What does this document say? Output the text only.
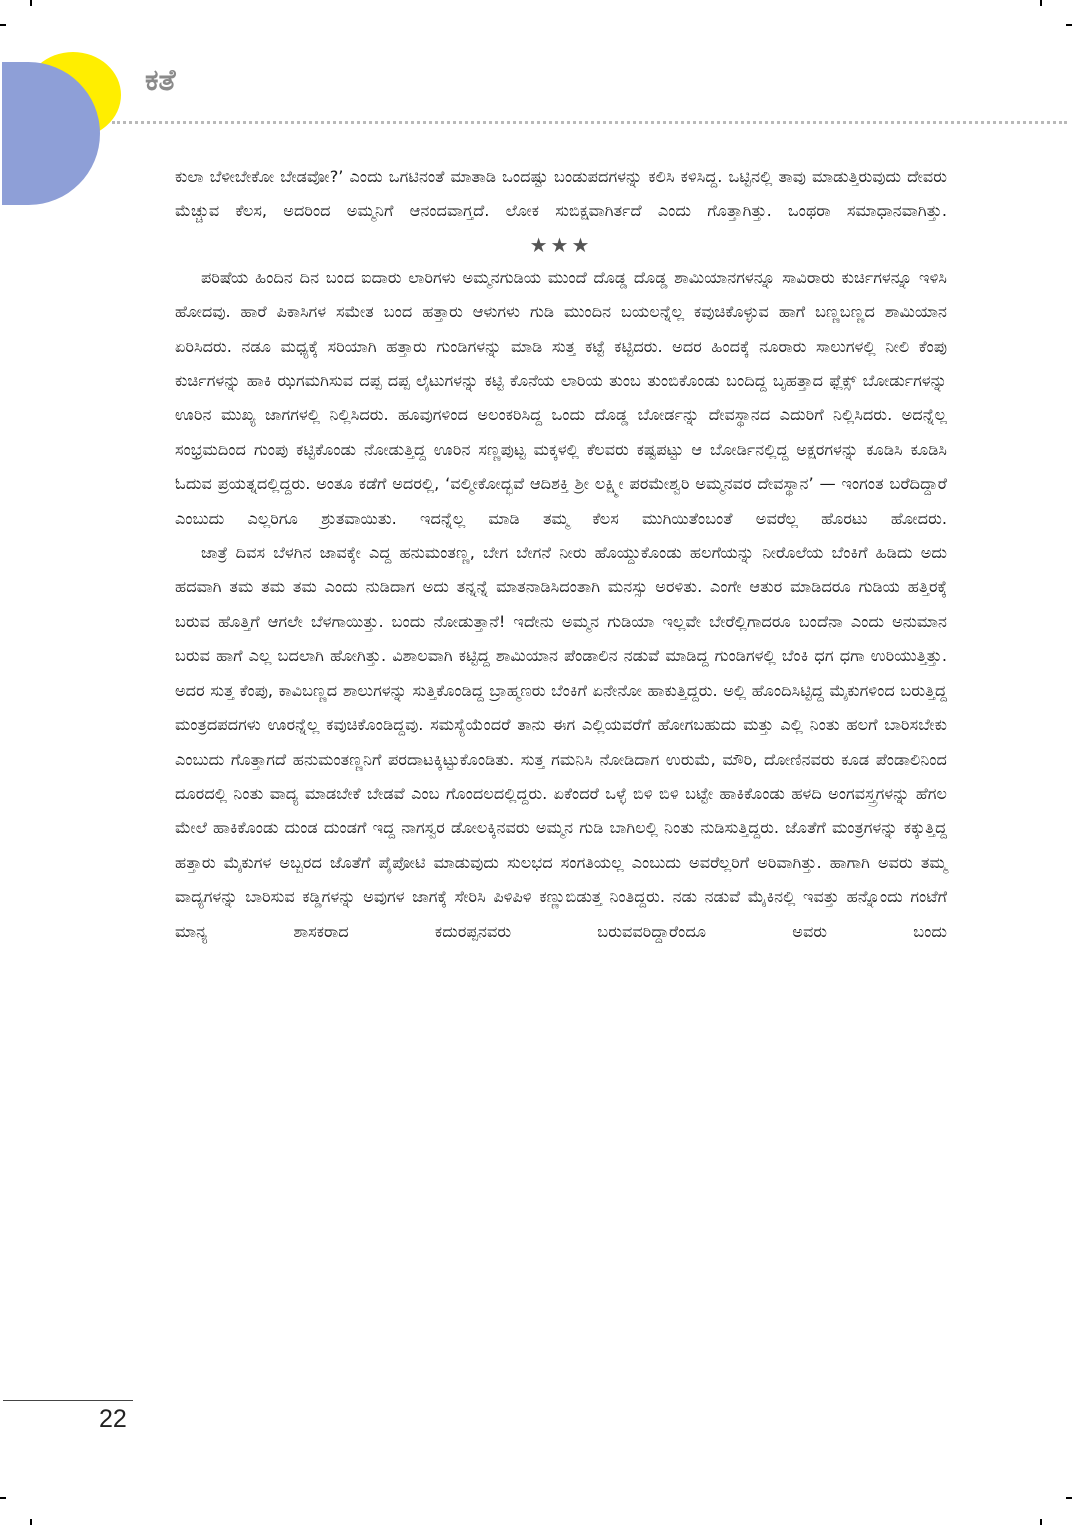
ಕತೆ

ಕುಲಾ ಬೆಳೀಬೇಕೋ ಬೇಡವೋ?’ ಎಂದು ಒಗಟಿನಂತೆ ಮಾತಾಡಿ ಒಂದಷ್ಟು ಬಂಡುಪದಗಳನ್ನು ಕಲಿಸಿ ಕಳಿಸಿದ್ದ. ಒಟ್ಟಿನಲ್ಲಿ ತಾವು ಮಾಡುತ್ತಿರುವುದು ದೇವರು ಮೆಚ್ಚುವ ಕೆಲಸ, ಅದರಿಂದ ಅಮ್ಮನಿಗೆ ಆನಂದವಾಗ್ತದೆ. ಲೋಕ ಸುಬಿಕ್ಷವಾಗಿರ್ತದೆ ಎಂದು ಗೊತ್ತಾಗಿತ್ತು. ಒಂಥರಾ ಸಮಾಧಾನವಾಗಿತ್ತು.

★★★

ಪರಿಷೆಯ ಹಿಂದಿನ ದಿನ ಬಂದ ಐದಾರು ಲಾರಿಗಳು ಅಮ್ಮನಗುಡಿಯ ಮುಂದೆ ದೊಡ್ಡ ದೊಡ್ಡ ಶಾಮಿಯಾನಗಳನ್ನೂ ಸಾವಿರಾರು ಕುರ್ಚಿಗಳನ್ನೂ ಇಳಿಸಿ ಹೋದವು. ಹಾರೆ ಪಿಕಾಸಿಗಳ ಸಮೇತ ಬಂದ ಹತ್ತಾರು ಆಳುಗಳು ಗುಡಿ ಮುಂದಿನ ಬಯಲನ್ನೆಲ್ಲ ಕವುಚಿಕೊಳ್ಳುವ ಹಾಗೆ ಬಣ್ಣಬಣ್ಣದ ಶಾಮಿಯಾನ ಏರಿಸಿದರು. ನಡೂ ಮಧ್ಯಕ್ಕೆ ಸರಿಯಾಗಿ ಹತ್ತಾರು ಗುಂಡಿಗಳನ್ನು ಮಾಡಿ ಸುತ್ತ ಕಟ್ಟೆ ಕಟ್ಟಿದರು. ಅದರ ಹಿಂದಕ್ಕೆ ನೂರಾರು ಸಾಲುಗಳಲ್ಲಿ ನೀಲಿ ಕೆಂಪು ಕುರ್ಚಿಗಳನ್ನು ಹಾಕಿ ಝಗಮಗಿಸುವ ದಪ್ಪ ದಪ್ಪ ಲೈಟುಗಳನ್ನು ಕಟ್ಟಿ ಕೊನೆಯ ಲಾರಿಯ ತುಂಬ ತುಂಬಿಕೊಂಡು ಬಂದಿದ್ದ ಬೃಹತ್ತಾದ ಫ್ಲೆಕ್ಸ್ ಬೋರ್ಡುಗಳನ್ನು ಊರಿನ ಮುಖ್ಯ ಜಾಗಗಳಲ್ಲಿ ನಿಲ್ಲಿಸಿದರು. ಹೂವುಗಳಿಂದ ಅಲಂಕರಿಸಿದ್ದ ಒಂದು ದೊಡ್ಡ ಬೋರ್ಡನ್ನು ದೇವಸ್ಥಾನದ ಎದುರಿಗೆ ನಿಲ್ಲಿಸಿದರು. ಅದನ್ನೆಲ್ಲ ಸಂಭ್ರಮದಿಂದ ಗುಂಪು ಕಟ್ಟಿಕೊಂಡು ನೋಡುತ್ತಿದ್ದ ಊರಿನ ಸಣ್ಣಪುಟ್ಟ ಮಕ್ಕಳಲ್ಲಿ ಕೆಲವರು ಕಷ್ಟಪಟ್ಟು ಆ ಬೋರ್ಡಿನಲ್ಲಿದ್ದ ಅಕ್ಷರಗಳನ್ನು ಕೂಡಿಸಿ ಕೂಡಿಸಿ ಓದುವ ಪ್ರಯತ್ನದಲ್ಲಿದ್ದರು. ಅಂತೂ ಕಡೆಗೆ ಅದರಲ್ಲಿ, ‘ವಲ್ಮೀಕೋದ್ಭವೆ ಆದಿಶಕ್ತಿ ಶ್ರೀ ಲಕ್ಷ್ಮೀ ಪರಮೇಶ್ವರಿ ಅಮ್ಮನವರ ದೇವಸ್ಥಾನ’ — ಇಂಗಂತ ಬರೆದಿದ್ದಾರೆ ಎಂಬುದು ಎಲ್ಲರಿಗೂ ಶ್ರುತವಾಯಿತು. ಇದನ್ನೆಲ್ಲ ಮಾಡಿ ತಮ್ಮ ಕೆಲಸ ಮುಗಿಯಿತೆಂಬಂತೆ ಅವರೆಲ್ಲ ಹೊರಟು ಹೋದರು.

ಜಾತ್ರೆ ದಿವಸ ಬೆಳಗಿನ ಜಾವಕ್ಕೇ ಎದ್ದ ಹನುಮಂತಣ್ಣ, ಬೇಗ ಬೇಗನೆ ನೀರು ಹೊಯ್ದುಕೊಂಡು ಹಲಗೆಯನ್ನು ನೀರೊಲೆಯ ಬೆಂಕಿಗೆ ಹಿಡಿದು ಅದು ಹದವಾಗಿ ತಮ ತಮ ತಮ ಎಂದು ನುಡಿದಾಗ ಅದು ತನ್ನನ್ನೆ ಮಾತನಾಡಿಸಿದಂತಾಗಿ ಮನಸ್ಸು ಅರಳಿತು. ಎಂಗೇ ಆತುರ ಮಾಡಿದರೂ ಗುಡಿಯ ಹತ್ತಿರಕ್ಕೆ ಬರುವ ಹೊತ್ತಿಗೆ ಆಗಲೇ ಬೆಳಗಾಯಿತ್ತು. ಬಂದು ನೋಡುತ್ತಾನೆ! ಇದೇನು ಅಮ್ಮನ ಗುಡಿಯಾ ಇಲ್ಲವೇ ಬೇರೆಲ್ಲಿಗಾದರೂ ಬಂದೆನಾ ಎಂದು ಅನುಮಾನ ಬರುವ ಹಾಗೆ ಎಲ್ಲ ಬದಲಾಗಿ ಹೋಗಿತ್ತು. ವಿಶಾಲವಾಗಿ ಕಟ್ಟಿದ್ದ ಶಾಮಿಯಾನ ಪೆಂಡಾಲಿನ ನಡುವೆ ಮಾಡಿದ್ದ ಗುಂಡಿಗಳಲ್ಲಿ ಬೆಂಕಿ ಧಗ ಧಗಾ ಉರಿಯುತ್ತಿತ್ತು. ಅದರ ಸುತ್ತ ಕೆಂಪು, ಕಾವಿಬಣ್ಣದ ಶಾಲುಗಳನ್ನು ಸುತ್ತಿಕೊಂಡಿದ್ದ ಬ್ರಾಹ್ಮಣರು ಬೆಂಕಿಗೆ ಏನೇನೋ ಹಾಕುತ್ತಿದ್ದರು. ಅಲ್ಲಿ ಹೊಂದಿಸಿಟ್ಟಿದ್ದ ಮೈಕುಗಳಿಂದ ಬರುತ್ತಿದ್ದ ಮಂತ್ರದಪದಗಳು ಊರನ್ನೆಲ್ಲ ಕವುಚಿಕೊಂಡಿದ್ದವು. ಸಮಸ್ಯೆಯೆಂದರೆ ತಾನು ಈಗ ಎಲ್ಲಿಯವರೆಗೆ ಹೋಗಬಹುದು ಮತ್ತು ಎಲ್ಲಿ ನಿಂತು ಹಲಗೆ ಬಾರಿಸಬೇಕು ಎಂಬುದು ಗೊತ್ತಾಗದೆ ಹನುಮಂತಣ್ಣನಿಗೆ ಪರದಾಟಕ್ಕಿಟ್ಟುಕೊಂಡಿತು. ಸುತ್ತ ಗಮನಿಸಿ ನೋಡಿದಾಗ ಉರುಮೆ, ಮೌರಿ, ದೋಣಿನವರು ಕೂಡ ಪೆಂಡಾಲಿನಿಂದ ದೂರದಲ್ಲಿ ನಿಂತು ವಾದ್ಯ ಮಾಡಬೇಕೆ ಬೇಡವೆ ಎಂಬ ಗೊಂದಲದಲ್ಲಿದ್ದರು. ಏಕೆಂದರೆ ಒಳ್ಳೆ ಬಿಳಿ ಬಿಳಿ ಬಟ್ಟೇ ಹಾಕಿಕೊಂಡು ಹಳದಿ ಅಂಗವಸ್ತ್ರಗಳನ್ನು ಹೆಗಲ ಮೇಲೆ ಹಾಕಿಕೊಂಡು ದುಂಡ ದುಂಡಗೆ ಇದ್ದ ನಾಗಸ್ವರ ಡೋಲಕ್ಕಿನವರು ಅಮ್ಮನ ಗುಡಿ ಬಾಗಿಲಲ್ಲಿ ನಿಂತು ನುಡಿಸುತ್ತಿದ್ದರು. ಜೊತೆಗೆ ಮಂತ್ರಗಳನ್ನು ಕಕ್ಕುತ್ತಿದ್ದ ಹತ್ತಾರು ಮೈಕುಗಳ ಅಬ್ಬರದ ಜೊತೆಗೆ ಪೈಪೋಟಿ ಮಾಡುವುದು ಸುಲಭದ ಸಂಗತಿಯಲ್ಲ ಎಂಬುದು ಅವರೆಲ್ಲರಿಗೆ ಅರಿವಾಗಿತ್ತು. ಹಾಗಾಗಿ ಅವರು ತಮ್ಮ ವಾದ್ಯಗಳನ್ನು ಬಾರಿಸುವ ಕಡ್ಡಿಗಳನ್ನು ಅವುಗಳ ಜಾಗಕ್ಕೆ ಸೇರಿಸಿ ಪಿಳಿಪಿಳಿ ಕಣ್ಣುಬಿಡುತ್ತ ನಿಂತಿದ್ದರು. ನಡು ನಡುವೆ ಮೈಕಿನಲ್ಲಿ ಇವತ್ತು ಹನ್ನೊಂದು ಗಂಟೆಗೆ ಮಾನ್ಯ ಶಾಸಕರಾದ ಕದುರಪ್ಪನವರು ಬರುವವರಿದ್ದಾರೆಂದೂ ಅವರು ಬಂದು

22
